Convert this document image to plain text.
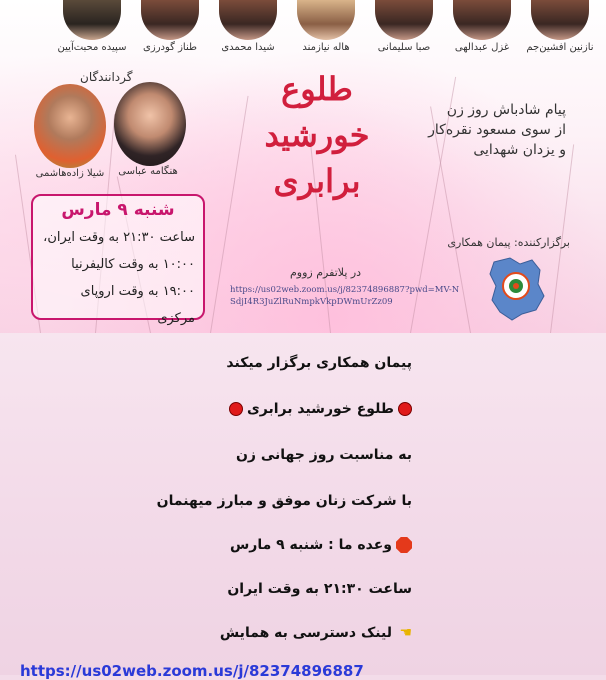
نازنین افشین‌جم
غزل عبدالهی
صبا سلیمانی
هاله نیازمند
شیدا محمدی
طناز گودرزی
سپیده محبت‌آیین
گردانندگان
شیلا زاده‌هاشمی	هنگامه عباسی
طلوع
خورشید
برابری
پیام شادباش روز زن
از سوی مسعود نقره‌کار
و یزدان شهدایی
برگزارکننده: پیمان همکاری
شنبه ۹ مارس
ساعت ۲۱:۳۰ به وقت ایران،
۱۰:۰۰ به وقت کالیفرنیا
۱۹:۰۰ به وقت اروپای مرکزی
در پلاتفرم زووم
https://us02web.zoom.us/j/82374896887?pwd=MV-NSdjI4R3JuZlRuNmpkVkpDWmUrZz09
پیمان همکاری برگزار میکند
طلوع خورشید برابری
به مناسبت روز جهانی زن
با شرکت زنان موفق و مبارز میهنمان
وعده ما : شنبه ۹ مارس
ساعت ۲۱:۳۰ به وقت ایران
☚
لینک دسترسی به همایش
https://us02web.zoom.us/j/82374896887
